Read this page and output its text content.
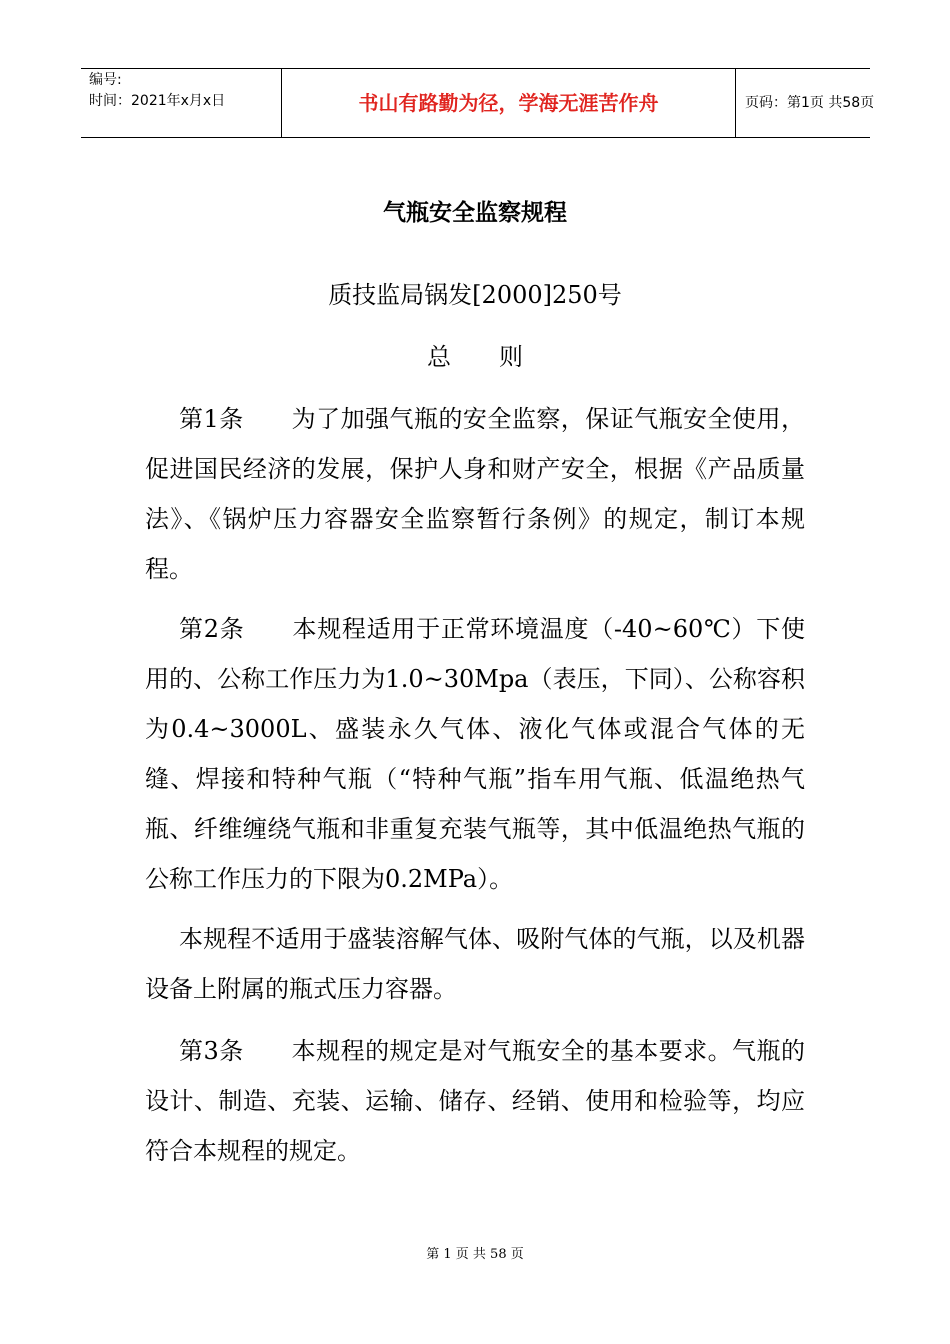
编号:
时间：2021年x月x日	书山有路勤为径，学海无涯苦作舟	页码：第1页 共58页
气瓶安全监察规程
质技监局锅发[2000]250号
总 则
第1条 为了加强气瓶的安全监察，保证气瓶安全使用，促进国民经济的发展，保护人身和财产安全，根据《产品质量法》、《锅炉压力容器安全监察暂行条例》的规定，制订本规程。
第2条 本规程适用于正常环境温度（-40~60℃）下使用的、公称工作压力为1.0~30Mpa（表压，下同）、公称容积为0.4~3000L、盛装永久气体、液化气体或混合气体的无缝、焊接和特种气瓶（“特种气瓶”指车用气瓶、低温绝热气瓶、纤维缠绕气瓶和非重复充装气瓶等，其中低温绝热气瓶的公称工作压力的下限为0.2MPa）。
本规程不适用于盛装溶解气体、吸附气体的气瓶，以及机器设备上附属的瓶式压力容器。
第3条 本规程的规定是对气瓶安全的基本要求。气瓶的设计、制造、充装、运输、储存、经销、使用和检验等，均应符合本规程的规定。
第 1 页 共 58 页
